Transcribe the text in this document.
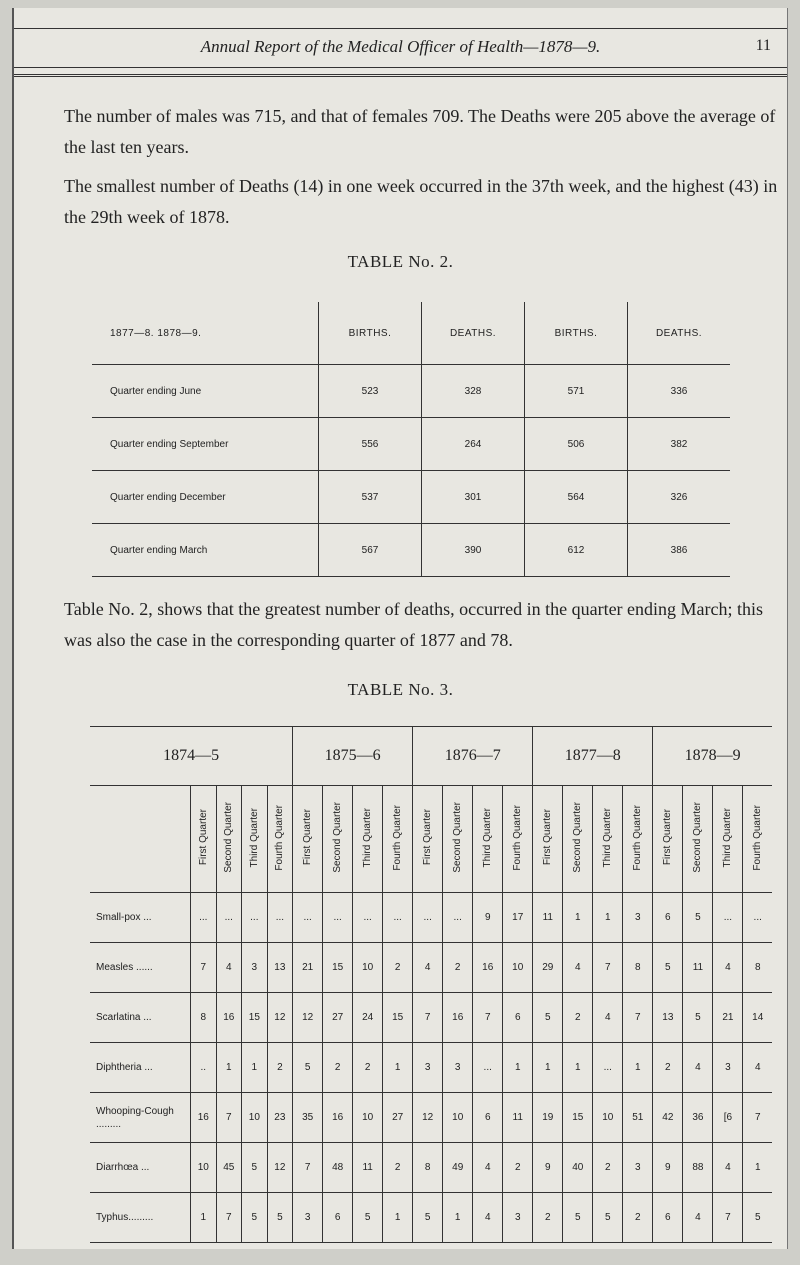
Annual Report of the Medical Officer of Health—1878—9.	11

The number of males was 715, and that of females 709. The Deaths were 205 above the average of the last ten years.

The smallest number of Deaths (14) in one week occurred in the 37th week, and the highest (43) in the 29th week of 1878.

TABLE No. 2.
1877—8. 1878—9.	BIRTHS.	DEATHS.	BIRTHS.	DEATHS.
Quarter ending June	523	328	571	336
Quarter ending September	556	264	506	382
Quarter ending December	537	301	564	326
Quarter ending March	567	390	612	386

Table No. 2, shows that the greatest number of deaths, occurred in the quarter ending March; this was also the case in the corresponding quarter of 1877 and 78.

TABLE No. 3.
1874—5					1875—6				1876—7				1877—8				1878—9			
	First Quarter	Second Quarter	Third Quarter	Fourth Quarter	First Quarter	Second Quarter	Third Quarter	Fourth Quarter	First Quarter	Second Quarter	Third Quarter	Fourth Quarter	First Quarter	Second Quarter	Third Quarter	Fourth Quarter	First Quarter	Second Quarter	Third Quarter	Fourth Quarter
Small-pox ...	...	...	...	...	...	...	...	...	...	...	9	17	11	1	1	3	6	5	...	...
Measles ......	7	4	3	13	21	15	10	2	4	2	16	10	29	4	7	8	5	11	4	8
Scarlatina ...	8	16	15	12	12	27	24	15	7	16	7	6	5	2	4	7	13	5	21	14
Diphtheria ...	..	1	1	2	5	2	2	1	3	3	...	1	1	1	...	1	2	4	3	4
Whooping-Cough .........	16	7	10	23	35	16	10	27	12	10	6	11	19	15	10	51	42	36	[6	7
Diarrhœa ...	10	45	5	12	7	48	11	2	8	49	4	2	9	40	2	3	9	88	4	1
Typhus.........	1	7	5	5	3	6	5	1	5	1	4	3	2	5	5	2	6	4	7	5
